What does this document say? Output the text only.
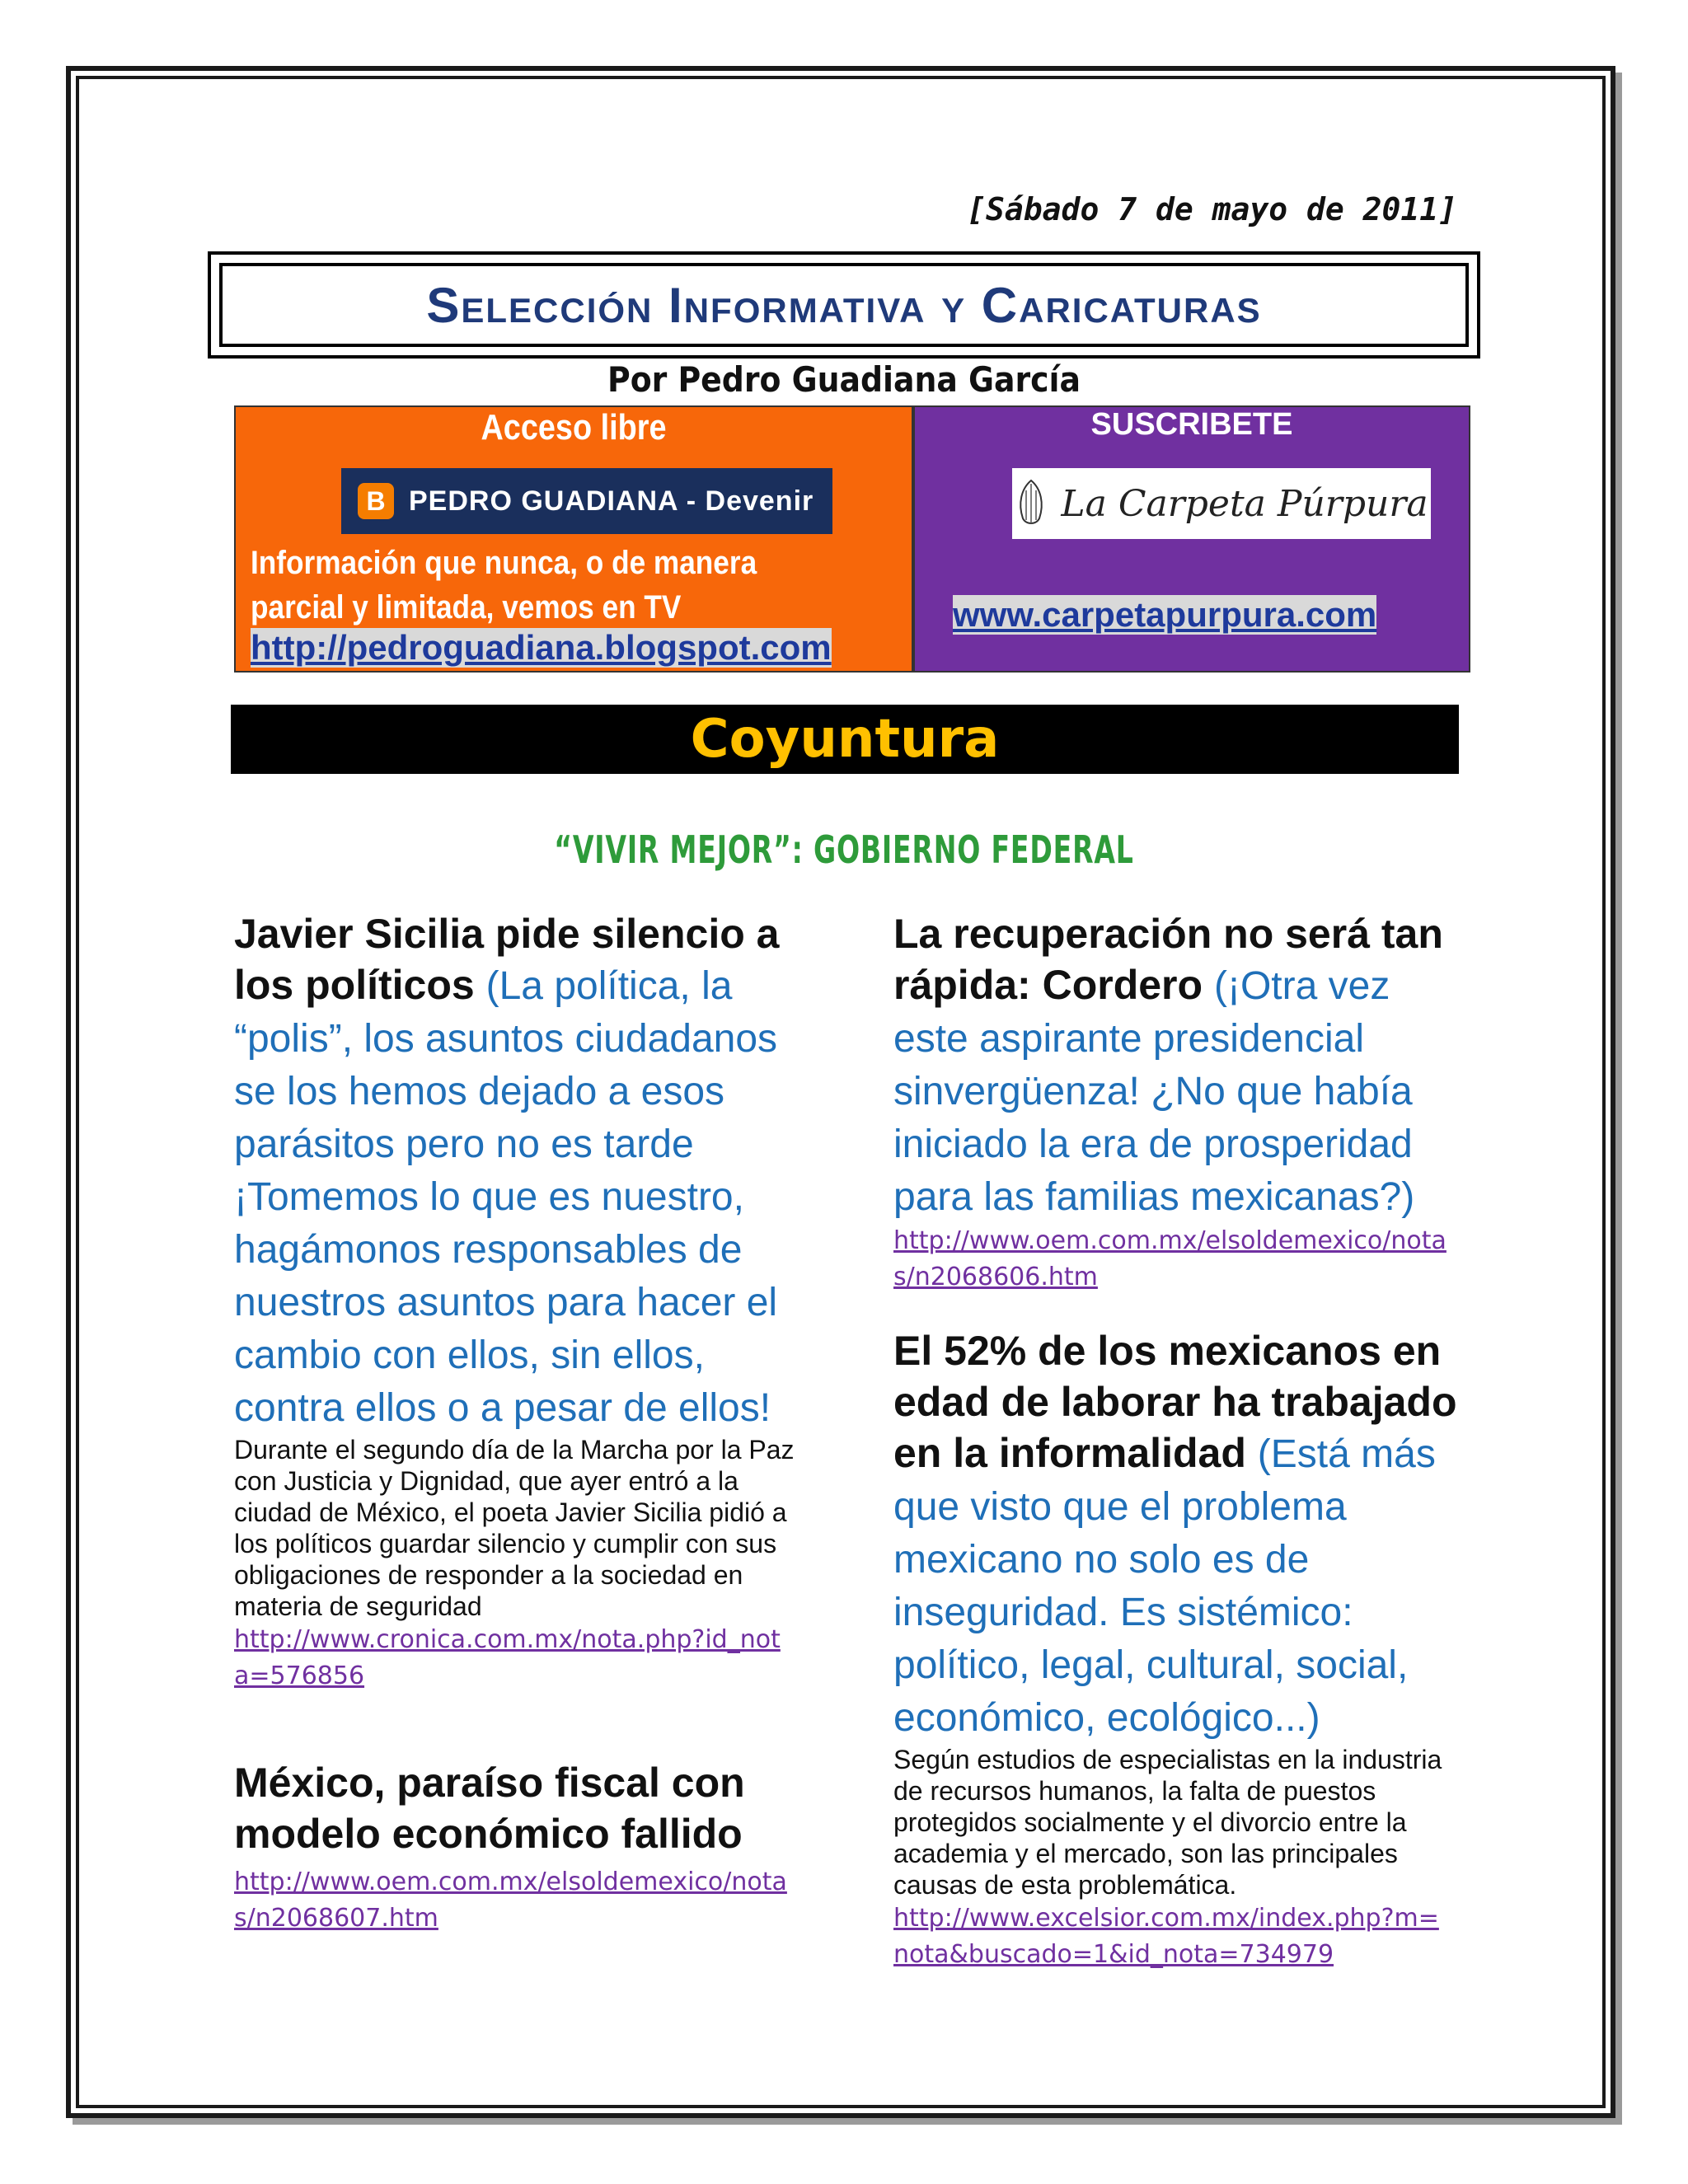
[Sábado 7 de mayo de 2011]
Selección Informativa y Caricaturas
Por Pedro Guadiana García
Acceso libre
B PEDRO GUADIANA - Devenir
Información que nunca, o de manera parcial y limitada, vemos en TV
http://pedroguadiana.blogspot.com
SUSCRIBETE
La Carpeta Púrpura
www.carpetapurpura.com
Coyuntura
“VIVIR MEJOR”: GOBIERNO FEDERAL

Javier Sicilia pide silencio a los políticos (La política, la “polis”, los asuntos ciudadanos se los hemos dejado a esos parásitos pero no es tarde ¡Tomemos lo que es nuestro, hagámonos responsables de nuestros asuntos para hacer el cambio con ellos, sin ellos, contra ellos o a pesar de ellos!

Durante el segundo día de la Marcha por la Paz con Justicia y Dignidad, que ayer entró a la ciudad de México, el poeta Javier Sicilia pidió a los políticos guardar silencio y cumplir con sus obligaciones de responder a la sociedad en materia de seguridad

http://www.cronica.com.mx/nota.php?id_nota=576856

México, paraíso fiscal con modelo económico fallido

http://www.oem.com.mx/elsoldemexico/notas/n2068607.htm

La recuperación no será tan rápida: Cordero (¡Otra vez este aspirante presidencial sinvergüenza! ¿No que había iniciado la era de prosperidad para las familias mexicanas?)

http://www.oem.com.mx/elsoldemexico/notas/n2068606.htm

El 52% de los mexicanos en edad de laborar ha trabajado en la informalidad (Está más que visto que el problema mexicano no solo es de inseguridad. Es sistémico: político, legal, cultural, social, económico, ecológico...)

Según estudios de especialistas en la industria de recursos humanos, la falta de puestos protegidos socialmente y el divorcio entre la academia y el mercado, son las principales causas de esta problemática.

http://www.excelsior.com.mx/index.php?m=nota&buscado=1&id_nota=734979
